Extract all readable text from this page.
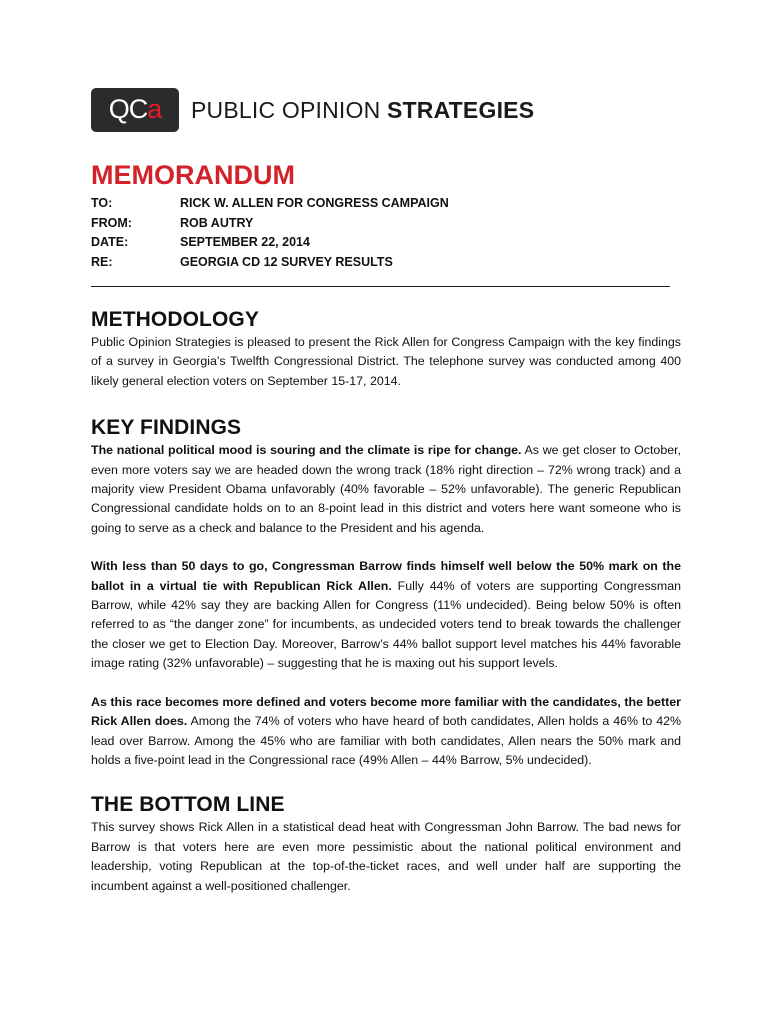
QC a PUBLIC OPINION STRATEGIES
MEMORANDUM
TO:	RICK W. ALLEN FOR CONGRESS CAMPAIGN
FROM:	ROB AUTRY
DATE:	SEPTEMBER 22, 2014
RE:	GEORGIA CD 12 SURVEY RESULTS
METHODOLOGY

Public Opinion Strategies is pleased to present the Rick Allen for Congress Campaign with the key findings of a survey in Georgia’s Twelfth Congressional District. The telephone survey was conducted among 400 likely general election voters on September 15-17, 2014.

KEY FINDINGS

The national political mood is souring and the climate is ripe for change. As we get closer to October, even more voters say we are headed down the wrong track (18% right direction – 72% wrong track) and a majority view President Obama unfavorably (40% favorable – 52% unfavorable). The generic Republican Congressional candidate holds on to an 8-point lead in this district and voters here want someone who is going to serve as a check and balance to the President and his agenda.

With less than 50 days to go, Congressman Barrow finds himself well below the 50% mark on the ballot in a virtual tie with Republican Rick Allen. Fully 44% of voters are supporting Congressman Barrow, while 42% say they are backing Allen for Congress (11% undecided). Being below 50% is often referred to as “the danger zone” for incumbents, as undecided voters tend to break towards the challenger the closer we get to Election Day. Moreover, Barrow’s 44% ballot support level matches his 44% favorable image rating (32% unfavorable) – suggesting that he is maxing out his support levels.

As this race becomes more defined and voters become more familiar with the candidates, the better Rick Allen does. Among the 74% of voters who have heard of both candidates, Allen holds a 46% to 42% lead over Barrow. Among the 45% who are familiar with both candidates, Allen nears the 50% mark and holds a five-point lead in the Congressional race (49% Allen – 44% Barrow, 5% undecided).

THE BOTTOM LINE

This survey shows Rick Allen in a statistical dead heat with Congressman John Barrow. The bad news for Barrow is that voters here are even more pessimistic about the national political environment and leadership, voting Republican at the top-of-the-ticket races, and well under half are supporting the incumbent against a well-positioned challenger.
